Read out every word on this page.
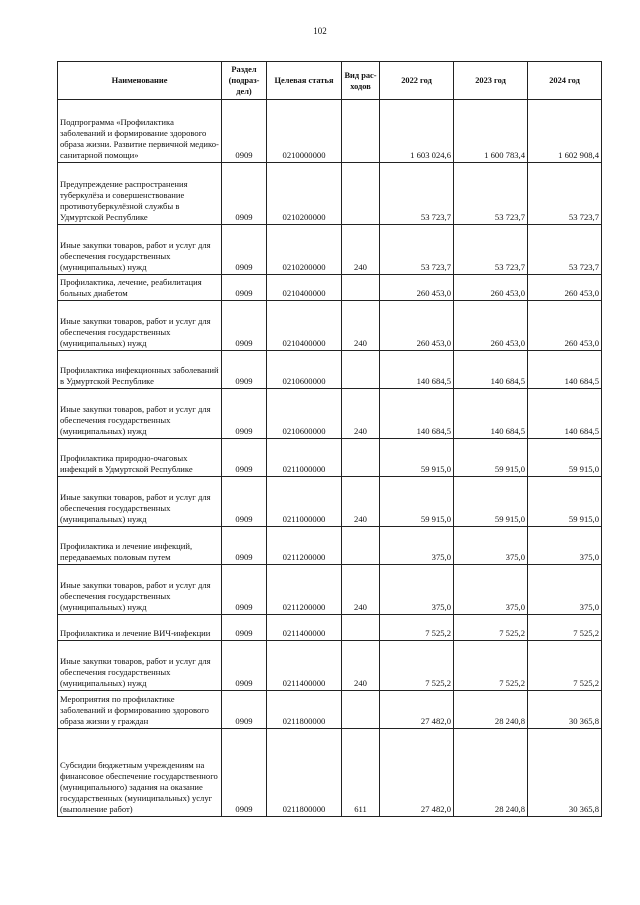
102
Наименование	Раздел (подраз-дел)	Целевая статья	Вид рас-ходов	2022 год	2023 год	2024 год
Подпрограмма «Профилактика заболеваний и формирование здорового образа жизни. Развитие первичной медико-санитарной помощи»	0909	0210000000		1 603 024,6	1 600 783,4	1 602 908,4
Предупреждение распространения туберкулёза и совершенствование противотуберкулёзной службы в Удмуртской Республике	0909	0210200000		53 723,7	53 723,7	53 723,7
Иные закупки товаров, работ и услуг для обеспечения государственных (муниципальных) нужд	0909	0210200000	240	53 723,7	53 723,7	53 723,7
Профилактика, лечение, реабилитация больных диабетом	0909	0210400000		260 453,0	260 453,0	260 453,0
Иные закупки товаров, работ и услуг для обеспечения государственных (муниципальных) нужд	0909	0210400000	240	260 453,0	260 453,0	260 453,0
Профилактика инфекционных заболеваний в Удмуртской Республике	0909	0210600000		140 684,5	140 684,5	140 684,5
Иные закупки товаров, работ и услуг для обеспечения государственных (муниципальных) нужд	0909	0210600000	240	140 684,5	140 684,5	140 684,5
Профилактика природно-очаговых инфекций в Удмуртской Республике	0909	0211000000		59 915,0	59 915,0	59 915,0
Иные закупки товаров, работ и услуг для обеспечения государственных (муниципальных) нужд	0909	0211000000	240	59 915,0	59 915,0	59 915,0
Профилактика и лечение инфекций, передаваемых половым путем	0909	0211200000		375,0	375,0	375,0
Иные закупки товаров, работ и услуг для обеспечения государственных (муниципальных) нужд	0909	0211200000	240	375,0	375,0	375,0
Профилактика и лечение ВИЧ-инфекции	0909	0211400000		7 525,2	7 525,2	7 525,2
Иные закупки товаров, работ и услуг для обеспечения государственных (муниципальных) нужд	0909	0211400000	240	7 525,2	7 525,2	7 525,2
Мероприятия по профилактике заболеваний и формированию здорового образа жизни у граждан	0909	0211800000		27 482,0	28 240,8	30 365,8
Субсидии бюджетным учреждениям на финансовое обеспечение государственного (муниципального) задания на оказание государственных (муниципальных) услуг (выполнение работ)	0909	0211800000	611	27 482,0	28 240,8	30 365,8
